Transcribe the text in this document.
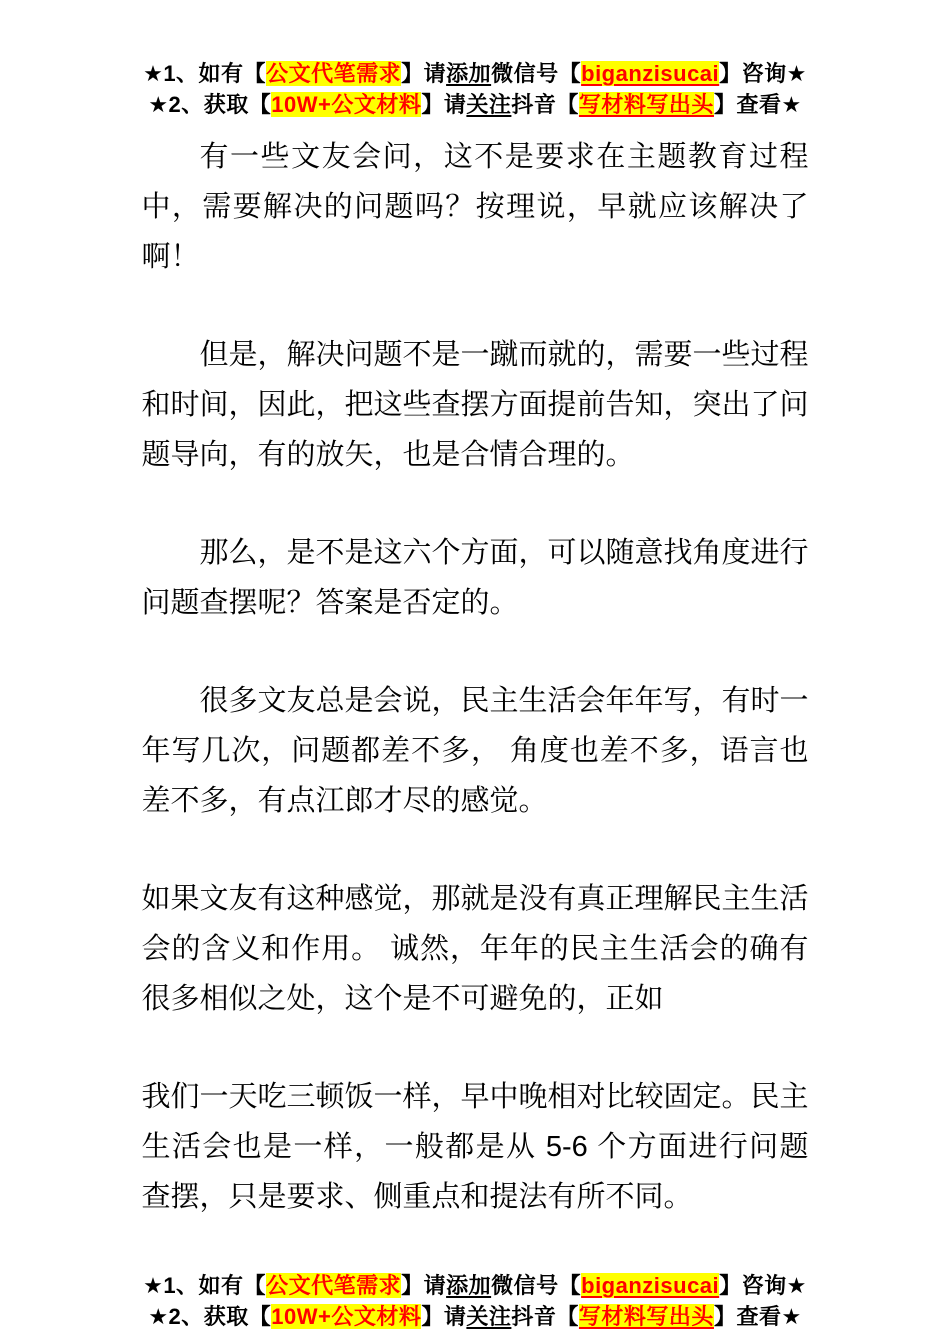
★1、如有【公文代笔需求】请添加微信号【biganzisucai】咨询★
★2、获取【10W+公文材料】请关注抖音【写材料写出头】查看★

有一些文友会问，这不是要求在主题教育过程中，需要解决的问题吗？按理说，早就应该解决了啊！

但是，解决问题不是一蹴而就的，需要一些过程和时间，因此，把这些查摆方面提前告知，突出了问题导向，有的放矢，也是合情合理的。

那么，是不是这六个方面，可以随意找角度进行问题查摆呢？答案是否定的。

很多文友总是会说，民主生活会年年写，有时一年写几次，问题都差不多， 角度也差不多，语言也差不多，有点江郎才尽的感觉。

如果文友有这种感觉，那就是没有真正理解民主生活会的含义和作用。 诚然，年年的民主生活会的确有很多相似之处，这个是不可避免的，正如

我们一天吃三顿饭一样，早中晚相对比较固定。民主生活会也是一样，一般都是从 5-6 个方面进行问题查摆，只是要求、侧重点和提法有所不同。

★1、如有【公文代笔需求】请添加微信号【biganzisucai】咨询★
★2、获取【10W+公文材料】请关注抖音【写材料写出头】查看★
